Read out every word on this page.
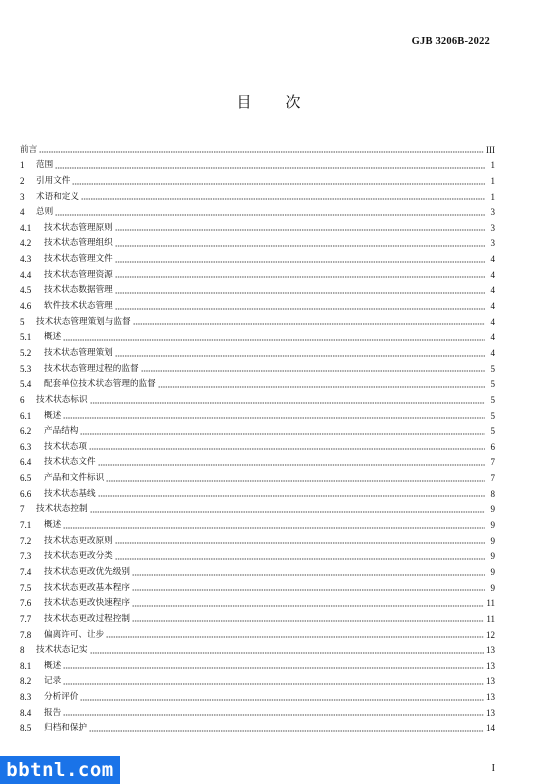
GJB 3206B-2022
目 次
前言	III
1	范围	1
2	引用文件	1
3	术语和定义	1
4	总则	3
4.1	技术状态管理原则	3
4.2	技术状态管理组织	3
4.3	技术状态管理文件	4
4.4	技术状态管理资源	4
4.5	技术状态数据管理	4
4.6	软件技术状态管理	4
5	技术状态管理策划与监督	4
5.1	概述	4
5.2	技术状态管理策划	4
5.3	技术状态管理过程的监督	5
5.4	配套单位技术状态管理的监督	5
6	技术状态标识	5
6.1	概述	5
6.2	产品结构	5
6.3	技术状态项	6
6.4	技术状态文件	7
6.5	产品和文件标识	7
6.6	技术状态基线	8
7	技术状态控制	9
7.1	概述	9
7.2	技术状态更改原则	9
7.3	技术状态更改分类	9
7.4	技术状态更改优先级别	9
7.5	技术状态更改基本程序	9
7.6	技术状态更改快速程序	11
7.7	技术状态更改过程控制	11
7.8	偏离许可、让步	12
8	技术状态记实	13
8.1	概述	13
8.2	记录	13
8.3	分析评价	13
8.4	报告	13
8.5	归档和保护	14
I
bbtnl.com
